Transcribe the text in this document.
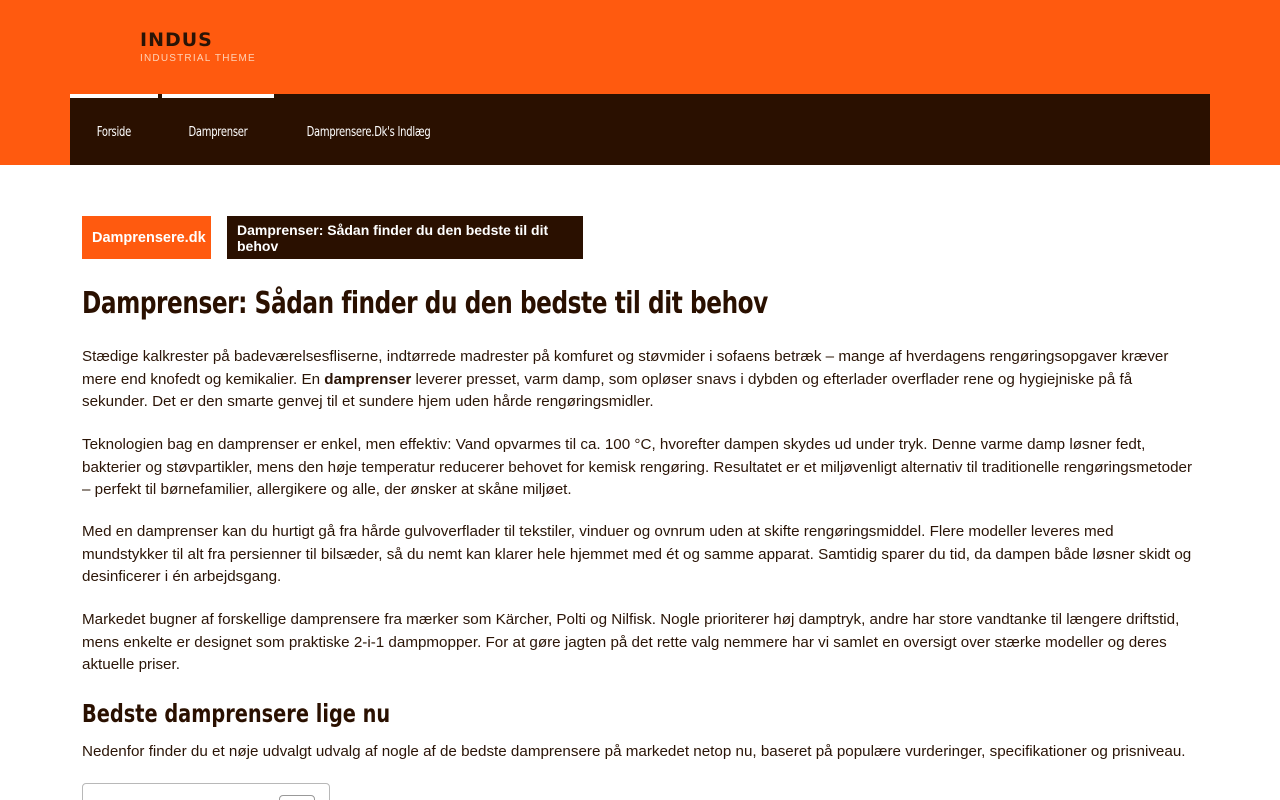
INDUS
INDUSTRIAL THEME
Forside	Damprenser	Damprensere.Dk's Indlæg
Damprensere.dk	Damprenser: Sådan finder du den bedste til dit behov
Damprenser: Sådan finder du den bedste til dit behov

Stædige kalkrester på badeværelsesfliserne, indtørrede madrester på komfuret og støvmider i sofaens betræk – mange af hverdagens rengøringsopgaver kræver mere end knofedt og kemikalier. En damprenser leverer presset, varm damp, som opløser snavs i dybden og efterlader overflader rene og hygiejniske på få sekunder. Det er den smarte genvej til et sundere hjem uden hårde rengøringsmidler.

Teknologien bag en damprenser er enkel, men effektiv: Vand opvarmes til ca. 100 °C, hvorefter dampen skydes ud under tryk. Denne varme damp løsner fedt, bakterier og støvpartikler, mens den høje temperatur reducerer behovet for kemisk rengøring. Resultatet er et miljøvenligt alternativ til traditionelle rengøringsmetoder – perfekt til børnefamilier, allergikere og alle, der ønsker at skåne miljøet.

Med en damprenser kan du hurtigt gå fra hårde gulvoverflader til tekstiler, vinduer og ovnrum uden at skifte rengøringsmiddel. Flere modeller leveres med mundstykker til alt fra persienner til bilsæder, så du nemt kan klarer hele hjemmet med ét og samme apparat. Samtidig sparer du tid, da dampen både løsner skidt og desinficerer i én arbejdsgang.

Markedet bugner af forskellige damprensere fra mærker som Kärcher, Polti og Nilfisk. Nogle prioriterer høj damptryk, andre har store vandtanke til længere driftstid, mens enkelte er designet som praktiske 2-i-1 dampmopper. For at gøre jagten på det rette valg nemmere har vi samlet en oversigt over stærke modeller og deres aktuelle priser.

Bedste damprensere lige nu

Nedenfor finder du et nøje udvalgt udvalg af nogle af de bedste damprensere på markedet netop nu, baseret på populære vurderinger, specifikationer og prisniveau.
